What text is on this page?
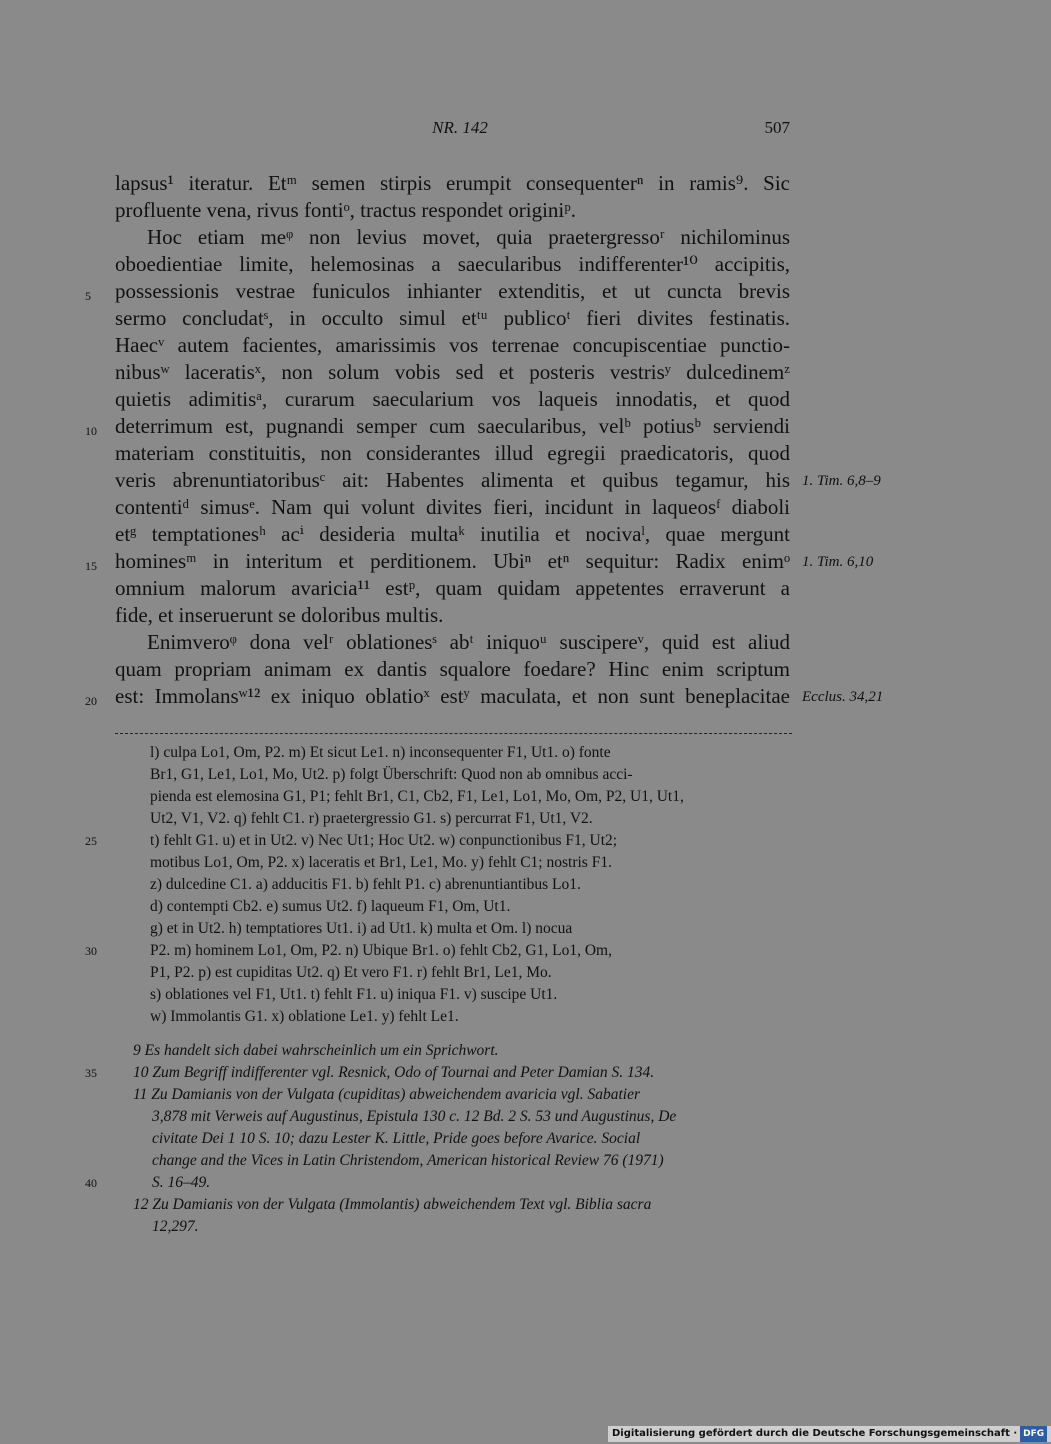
NR. 142	507
lapsus¹ iteratur. Etᵐ semen stirpis erumpit consequenterⁿ in ramis⁹. Sic
profluente vena, rivus fontiᵒ, tractus respondet originiᵖ.
Hoc etiam meᵠ non levius movet, quia praetergressoʳ nichilominus
oboedientiae limite, helemosinas a saecularibus indifferenter¹⁰ accipitis,
possessionis vestrae funiculos inhianter extenditis, et ut cuncta brevis
sermo concludatˢ, in occulto simul etᵗᵘ publicoᵗ fieri divites festinatis.
Haecᵛ autem facientes, amarissimis vos terrenae concupiscentiae punctio-
nibusʷ laceratisˣ, non solum vobis sed et posteris vestrisʸ dulcedinemᶻ
quietis adimitisᵃ, curarum saecularium vos laqueis innodatis, et quod
deterrimum est, pugnandi semper cum saecularibus, velᵇ potiusᵇ serviendi
materiam constituitis, non considerantes illud egregii praedicatoris, quod
veris abrenuntiatoribusᶜ ait: Habentes alimenta et quibus tegamur, his
contentiᵈ simusᵉ. Nam qui volunt divites fieri, incidunt in laqueosᶠ diaboli
etᵍ temptationesʰ acⁱ desideria multaᵏ inutilia et nocivaˡ, quae mergunt
hominesᵐ in interitum et perditionem. Ubiⁿ etⁿ sequitur: Radix enimᵒ
omnium malorum avaricia¹¹ estᵖ, quam quidam appetentes erraverunt a
fide, et inseruerunt se doloribus multis.
Enimveroᵠ dona velʳ oblationesˢ abᵗ iniquoᵘ suscipereᵛ, quid est aliud
quam propriam animam ex dantis squalore foedare? Hinc enim scriptum
est: Immolansʷ¹² ex iniquo oblatioˣ estʸ maculata, et non sunt beneplacitae
5
10
15
20
1. Tim. 6,8–9
1. Tim. 6,10
Ecclus. 34,21
l) culpa Lo1, Om, P2. m) Et sicut Le1. n) inconsequenter F1, Ut1. o) fonte
Br1, G1, Le1, Lo1, Mo, Ut2. p) folgt Überschrift: Quod non ab omnibus acci-
pienda est elemosina G1, P1; fehlt Br1, C1, Cb2, F1, Le1, Lo1, Mo, Om, P2, U1, Ut1,
Ut2, V1, V2. q) fehlt C1. r) praetergressio G1. s) percurrat F1, Ut1, V2.
t) fehlt G1. u) et in Ut2. v) Nec Ut1; Hoc Ut2. w) conpunctionibus F1, Ut2;
motibus Lo1, Om, P2. x) laceratis et Br1, Le1, Mo. y) fehlt C1; nostris F1.
z) dulcedine C1. a) adducitis F1. b) fehlt P1. c) abrenuntiantibus Lo1.
d) contempti Cb2. e) sumus Ut2. f) laqueum F1, Om, Ut1.
g) et in Ut2. h) temptatiores Ut1. i) ad Ut1. k) multa et Om. l) nocua
P2. m) hominem Lo1, Om, P2. n) Ubique Br1. o) fehlt Cb2, G1, Lo1, Om,
P1, P2. p) est cupiditas Ut2. q) Et vero F1. r) fehlt Br1, Le1, Mo.
s) oblationes vel F1, Ut1. t) fehlt F1. u) iniqua F1. v) suscipe Ut1.
w) Immolantis G1. x) oblatione Le1. y) fehlt Le1.
9 Es handelt sich dabei wahrscheinlich um ein Sprichwort.
10 Zum Begriff indifferenter vgl. Resnick, Odo of Tournai and Peter Damian S. 134.
11 Zu Damianis von der Vulgata (cupiditas) abweichendem avaricia vgl. Sabatier
3,878 mit Verweis auf Augustinus, Epistula 130 c. 12 Bd. 2 S. 53 und Augustinus, De
civitate Dei 1 10 S. 10; dazu Lester K. Little, Pride goes before Avarice. Social
change and the Vices in Latin Christendom, American historical Review 76 (1971)
S. 16–49.
12 Zu Damianis von der Vulgata (Immolantis) abweichendem Text vgl. Biblia sacra
12,297.
25
30
35
40
Digitalisierung gefördert durch die Deutsche Forschungsgemeinschaft · DFG
